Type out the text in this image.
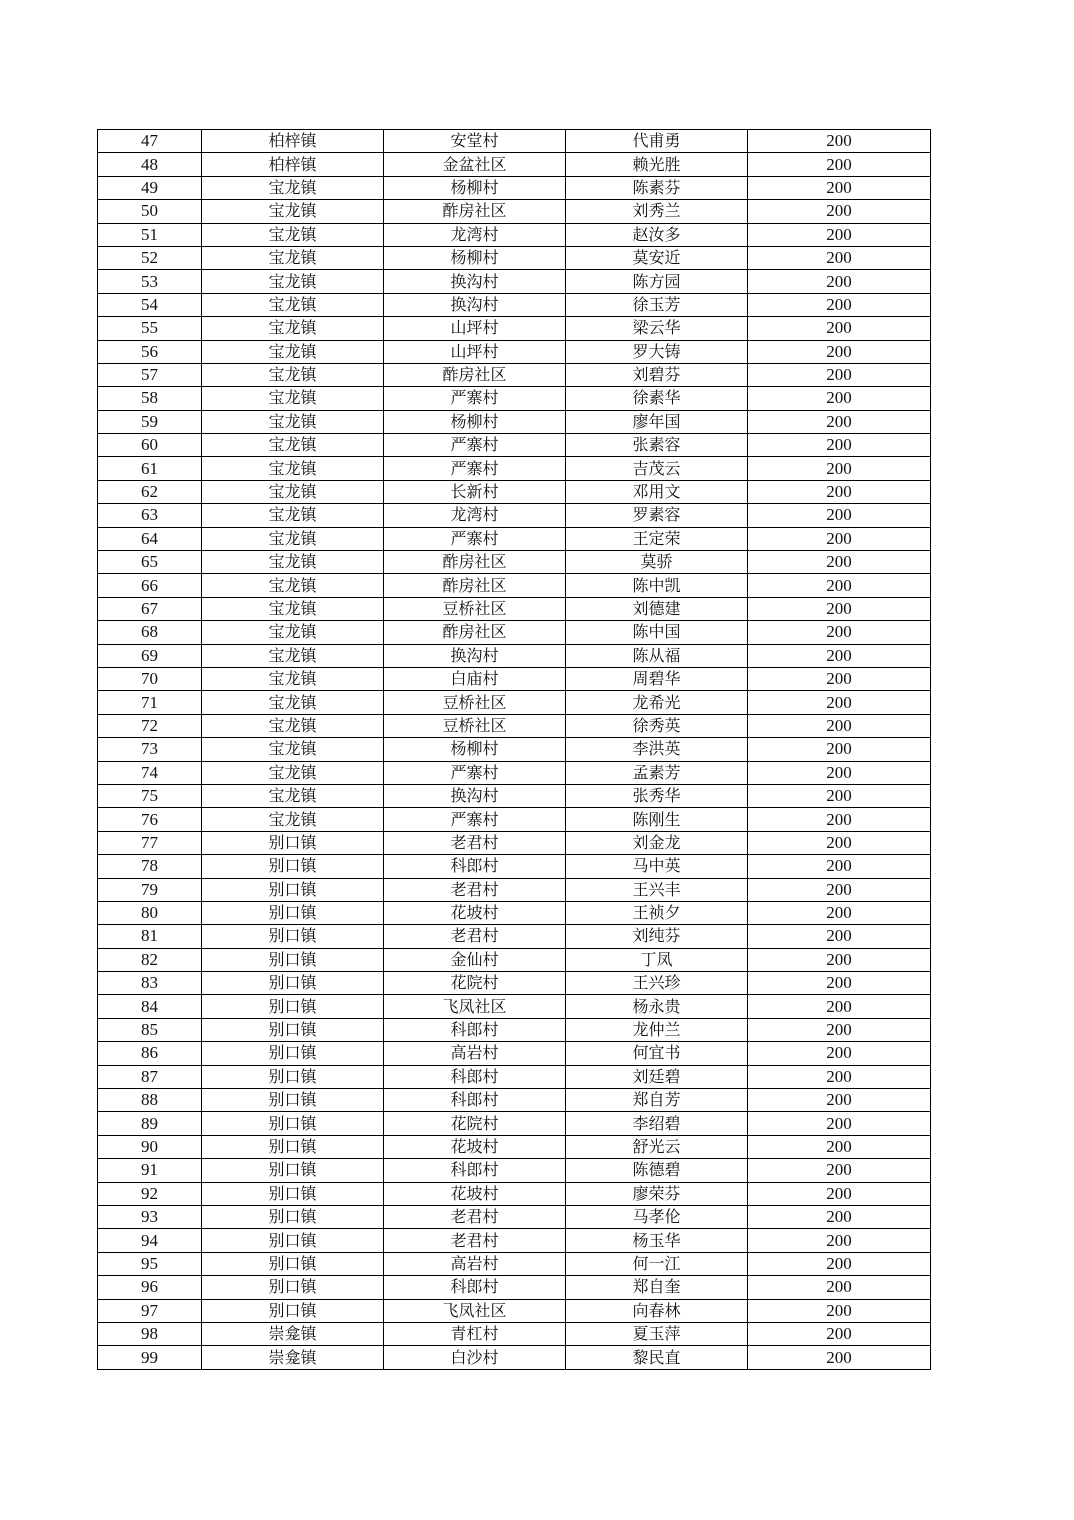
47	柏梓镇	安堂村	代甫勇	200
48	柏梓镇	金盆社区	赖光胜	200
49	宝龙镇	杨柳村	陈素芬	200
50	宝龙镇	酢房社区	刘秀兰	200
51	宝龙镇	龙湾村	赵汝多	200
52	宝龙镇	杨柳村	莫安近	200
53	宝龙镇	换沟村	陈方园	200
54	宝龙镇	换沟村	徐玉芳	200
55	宝龙镇	山坪村	梁云华	200
56	宝龙镇	山坪村	罗大铸	200
57	宝龙镇	酢房社区	刘碧芬	200
58	宝龙镇	严寨村	徐素华	200
59	宝龙镇	杨柳村	廖年国	200
60	宝龙镇	严寨村	张素容	200
61	宝龙镇	严寨村	吉茂云	200
62	宝龙镇	长新村	邓用文	200
63	宝龙镇	龙湾村	罗素容	200
64	宝龙镇	严寨村	王定荣	200
65	宝龙镇	酢房社区	莫骄	200
66	宝龙镇	酢房社区	陈中凯	200
67	宝龙镇	豆桥社区	刘德建	200
68	宝龙镇	酢房社区	陈中国	200
69	宝龙镇	换沟村	陈从福	200
70	宝龙镇	白庙村	周碧华	200
71	宝龙镇	豆桥社区	龙希光	200
72	宝龙镇	豆桥社区	徐秀英	200
73	宝龙镇	杨柳村	李洪英	200
74	宝龙镇	严寨村	孟素芳	200
75	宝龙镇	换沟村	张秀华	200
76	宝龙镇	严寨村	陈刚生	200
77	别口镇	老君村	刘金龙	200
78	别口镇	科郎村	马中英	200
79	别口镇	老君村	王兴丰	200
80	别口镇	花坡村	王祯夕	200
81	别口镇	老君村	刘纯芬	200
82	别口镇	金仙村	丁凤	200
83	别口镇	花院村	王兴珍	200
84	别口镇	飞凤社区	杨永贵	200
85	别口镇	科郎村	龙仲兰	200
86	别口镇	高岩村	何宜书	200
87	别口镇	科郎村	刘廷碧	200
88	别口镇	科郎村	郑自芳	200
89	别口镇	花院村	李绍碧	200
90	别口镇	花坡村	舒光云	200
91	别口镇	科郎村	陈德碧	200
92	别口镇	花坡村	廖荣芬	200
93	别口镇	老君村	马孝伦	200
94	别口镇	老君村	杨玉华	200
95	别口镇	高岩村	何一江	200
96	别口镇	科郎村	郑自奎	200
97	别口镇	飞凤社区	向春林	200
98	崇龛镇	青杠村	夏玉萍	200
99	崇龛镇	白沙村	黎民直	200
